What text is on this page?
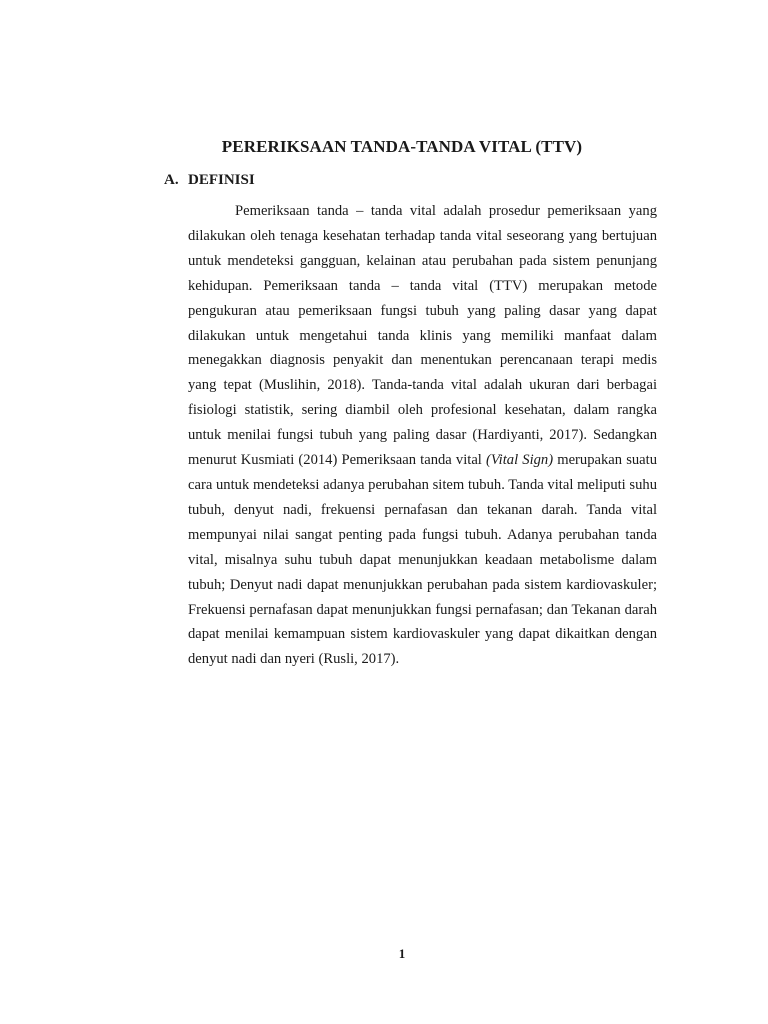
PERERIKSAAN TANDA-TANDA VITAL (TTV)
A. DEFINISI

Pemeriksaan tanda – tanda vital adalah prosedur pemeriksaan yang dilakukan oleh tenaga kesehatan terhadap tanda vital seseorang yang bertujuan untuk mendeteksi gangguan, kelainan atau perubahan pada sistem penunjang kehidupan. Pemeriksaan tanda – tanda vital (TTV) merupakan metode pengukuran atau pemeriksaan fungsi tubuh yang paling dasar yang dapat dilakukan untuk mengetahui tanda klinis yang memiliki manfaat dalam menegakkan diagnosis penyakit dan menentukan perencanaan terapi medis yang tepat (Muslihin, 2018). Tanda-tanda vital adalah ukuran dari berbagai fisiologi statistik, sering diambil oleh profesional kesehatan, dalam rangka untuk menilai fungsi tubuh yang paling dasar (Hardiyanti, 2017). Sedangkan menurut Kusmiati (2014) Pemeriksaan tanda vital (Vital Sign) merupakan suatu cara untuk mendeteksi adanya perubahan sitem tubuh. Tanda vital meliputi suhu tubuh, denyut nadi, frekuensi pernafasan dan tekanan darah. Tanda vital mempunyai nilai sangat penting pada fungsi tubuh. Adanya perubahan tanda vital, misalnya suhu tubuh dapat menunjukkan keadaan metabolisme dalam tubuh; Denyut nadi dapat menunjukkan perubahan pada sistem kardiovaskuler; Frekuensi pernafasan dapat menunjukkan fungsi pernafasan; dan Tekanan darah dapat menilai kemampuan sistem kardiovaskuler yang dapat dikaitkan dengan denyut nadi dan nyeri (Rusli, 2017).

1
